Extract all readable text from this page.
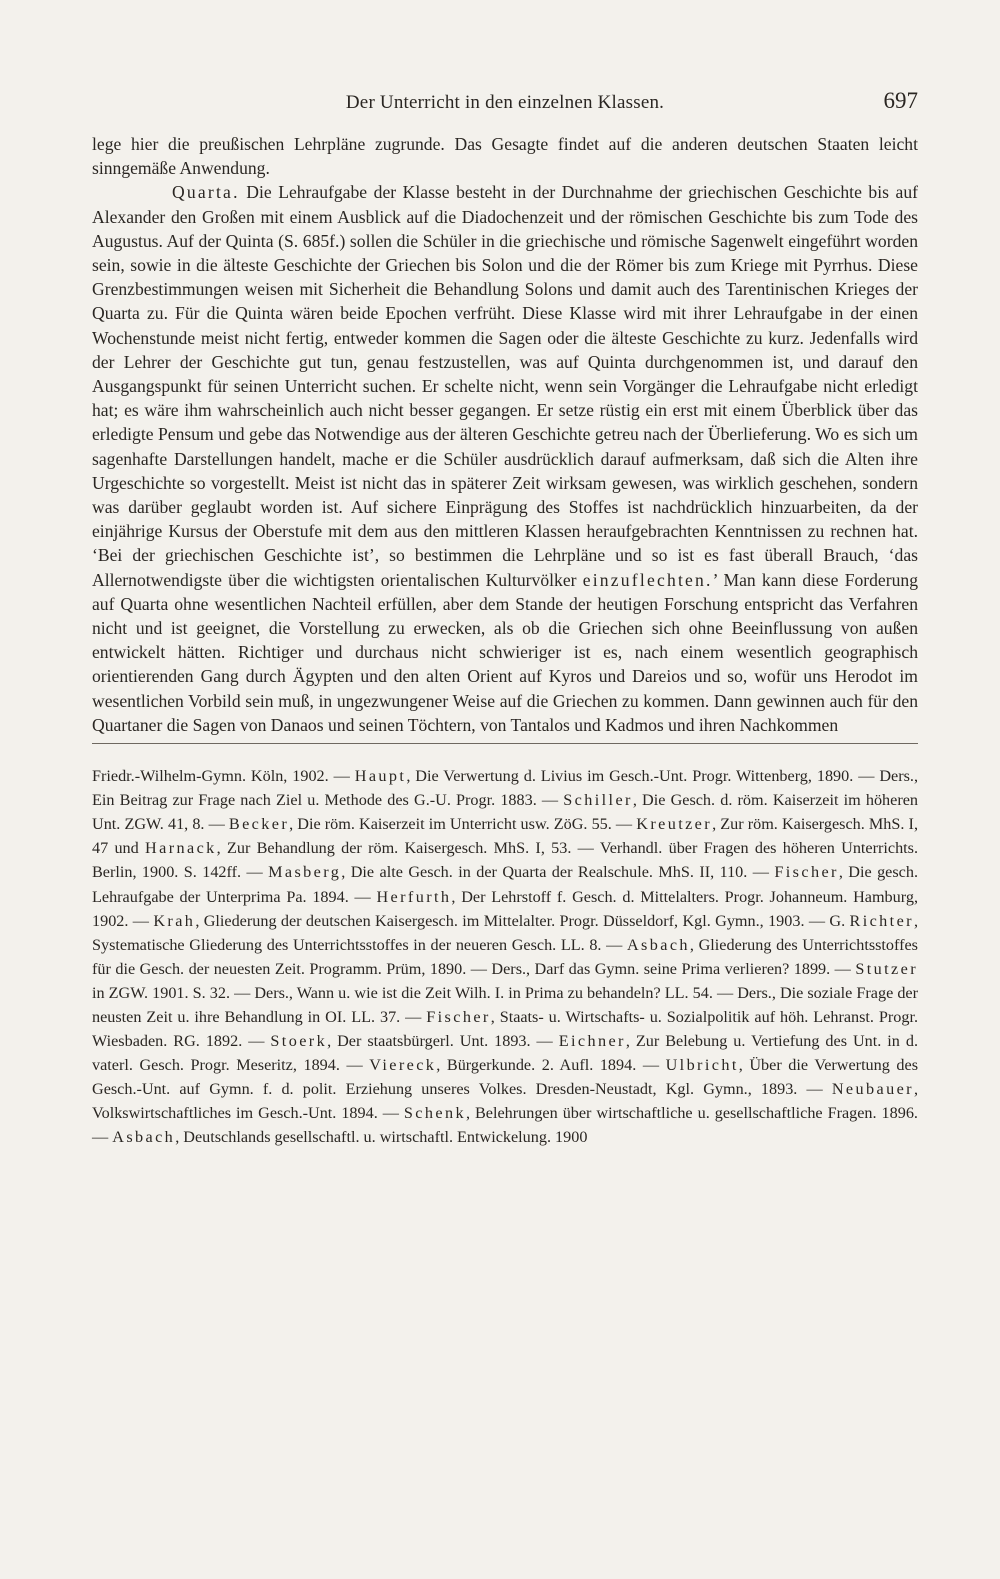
Der Unterricht in den einzelnen Klassen.	697

lege hier die preußischen Lehrpläne zugrunde. Das Gesagte findet auf die anderen deutschen Staaten leicht sinngemäße Anwendung.

Quarta. Die Lehraufgabe der Klasse besteht in der Durchnahme der griechischen Geschichte bis auf Alexander den Großen mit einem Ausblick auf die Diadochenzeit und der römischen Geschichte bis zum Tode des Augustus. Auf der Quinta (S. 685f.) sollen die Schüler in die griechische und römische Sagenwelt eingeführt worden sein, sowie in die älteste Geschichte der Griechen bis Solon und die der Römer bis zum Kriege mit Pyrrhus. Diese Grenzbestimmungen weisen mit Sicherheit die Behandlung Solons und damit auch des Tarentinischen Krieges der Quarta zu. Für die Quinta wären beide Epochen verfrüht. Diese Klasse wird mit ihrer Lehraufgabe in der einen Wochenstunde meist nicht fertig, entweder kommen die Sagen oder die älteste Geschichte zu kurz. Jedenfalls wird der Lehrer der Geschichte gut tun, genau festzustellen, was auf Quinta durchgenommen ist, und darauf den Ausgangspunkt für seinen Unterricht suchen. Er schelte nicht, wenn sein Vorgänger die Lehraufgabe nicht erledigt hat; es wäre ihm wahrscheinlich auch nicht besser gegangen. Er setze rüstig ein erst mit einem Überblick über das erledigte Pensum und gebe das Notwendige aus der älteren Geschichte getreu nach der Überlieferung. Wo es sich um sagenhafte Darstellungen handelt, mache er die Schüler ausdrücklich darauf aufmerksam, daß sich die Alten ihre Urgeschichte so vorgestellt. Meist ist nicht das in späterer Zeit wirksam gewesen, was wirklich geschehen, sondern was darüber geglaubt worden ist. Auf sichere Einprägung des Stoffes ist nachdrücklich hinzuarbeiten, da der einjährige Kursus der Oberstufe mit dem aus den mittleren Klassen heraufgebrachten Kenntnissen zu rechnen hat. ‘Bei der griechischen Geschichte ist’, so bestimmen die Lehrpläne und so ist es fast überall Brauch, ‘das Allernotwendigste über die wichtigsten orientalischen Kulturvölker einzuflechten.’ Man kann diese Forderung auf Quarta ohne wesentlichen Nachteil erfüllen, aber dem Stande der heutigen Forschung entspricht das Verfahren nicht und ist geeignet, die Vorstellung zu erwecken, als ob die Griechen sich ohne Beeinflussung von außen entwickelt hätten. Richtiger und durchaus nicht schwieriger ist es, nach einem wesentlich geographisch orientierenden Gang durch Ägypten und den alten Orient auf Kyros und Dareios und so, wofür uns Herodot im wesentlichen Vorbild sein muß, in ungezwungener Weise auf die Griechen zu kommen. Dann gewinnen auch für den Quartaner die Sagen von Danaos und seinen Töchtern, von Tantalos und Kadmos und ihren Nachkommen

Friedr.-Wilhelm-Gymn. Köln, 1902. — Haupt, Die Verwertung d. Livius im Gesch.-Unt. Progr. Wittenberg, 1890. — Ders., Ein Beitrag zur Frage nach Ziel u. Methode des G.-U. Progr. 1883. — Schiller, Die Gesch. d. röm. Kaiserzeit im höheren Unt. ZGW. 41, 8. — Becker, Die röm. Kaiserzeit im Unterricht usw. ZöG. 55. — Kreutzer, Zur röm. Kaisergesch. MhS. I, 47 und Harnack, Zur Behandlung der röm. Kaisergesch. MhS. I, 53. — Verhandl. über Fragen des höheren Unterrichts. Berlin, 1900. S. 142ff. — Masberg, Die alte Gesch. in der Quarta der Realschule. MhS. II, 110. — Fischer, Die gesch. Lehraufgabe der Unterprima Pa. 1894. — Herfurth, Der Lehrstoff f. Gesch. d. Mittelalters. Progr. Johanneum. Hamburg, 1902. — Krah, Gliederung der deutschen Kaisergesch. im Mittelalter. Progr. Düsseldorf, Kgl. Gymn., 1903. — G. Richter, Systematische Gliederung des Unterrichtsstoffes in der neueren Gesch. LL. 8. — Asbach, Gliederung des Unterrichtsstoffes für die Gesch. der neuesten Zeit. Programm. Prüm, 1890. — Ders., Darf das Gymn. seine Prima verlieren? 1899. — Stutzer in ZGW. 1901. S. 32. — Ders., Wann u. wie ist die Zeit Wilh. I. in Prima zu behandeln? LL. 54. — Ders., Die soziale Frage der neusten Zeit u. ihre Behandlung in OI. LL. 37. — Fischer, Staats- u. Wirtschafts- u. Sozialpolitik auf höh. Lehranst. Progr. Wiesbaden. RG. 1892. — Stoerk, Der staatsbürgerl. Unt. 1893. — Eichner, Zur Belebung u. Vertiefung des Unt. in d. vaterl. Gesch. Progr. Meseritz, 1894. — Viereck, Bürgerkunde. 2. Aufl. 1894. — Ulbricht, Über die Verwertung des Gesch.-Unt. auf Gymn. f. d. polit. Erziehung unseres Volkes. Dresden-Neustadt, Kgl. Gymn., 1893. — Neubauer, Volkswirtschaftliches im Gesch.-Unt. 1894. — Schenk, Belehrungen über wirtschaftliche u. gesellschaftliche Fragen. 1896. — Asbach, Deutschlands gesellschaftl. u. wirtschaftl. Entwickelung. 1900
